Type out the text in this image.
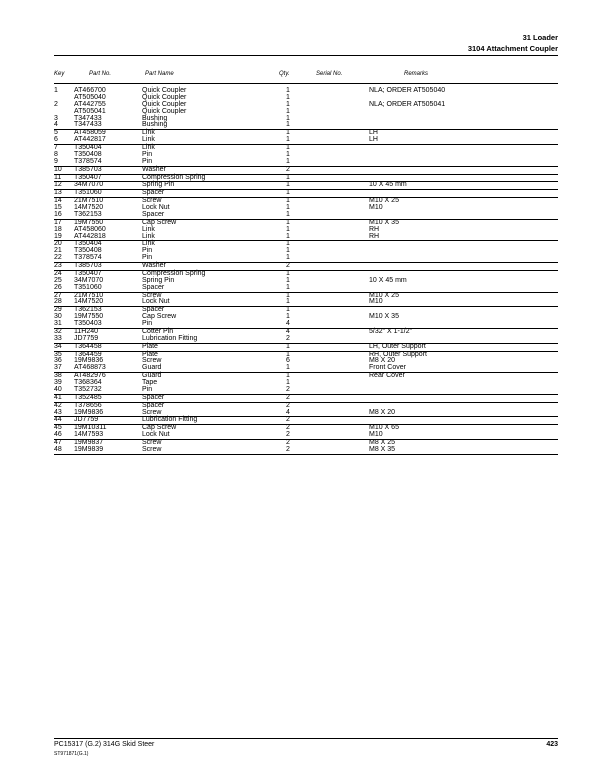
31 Loader
3104 Attachment Coupler
Key	Part No.	Part Name	Qty.	Serial No.	Remarks
1 AT466700	Quick Coupler	1	NLA; ORDER AT505040
AT505040	Quick Coupler	1
2 AT442755	Quick Coupler	1	NLA; ORDER AT505041
AT505041	Quick Coupler	1
3 T347433	Bushing	1
4 T347433	Bushing	1
5 AT458059	Link	1	LH
6 AT442817	Link	1	LH
7 T350404	Link	1
8 T350408	Pin	1
9 T378574	Pin	1
10 T385703	Washer	2
11 T350407	Compression Spring	1
12 34M7070	Spring Pin	1	10 X 45 mm
13 T351060	Spacer	1
14 21M7510	Screw	1	M10 X 25
15 14M7520	Lock Nut	1	M10
16 T362153	Spacer	1
17 19M7550	Cap Screw	1	M10 X 35
18 AT458060	Link	1	RH
19 AT442818	Link	1	RH
20 T350404	Link	1
21 T350408	Pin	1
22 T378574	Pin	1
23 T385703	Washer	2
24 T350407	Compression Spring	1
25 34M7070	Spring Pin	1	10 X 45 mm
26 T351060	Spacer	1
27 21M7510	Screw	1	M10 X 25
28 14M7520	Lock Nut	1	M10
29 T362153	Spacer	1
30 19M7550	Cap Screw	1	M10 X 35
31 T350403	Pin	4
32 11H240	Cotter Pin	4	5/32" X 1-1/2"
33 JD7759	Lubrication Fitting	2
34 T364458	Plate	1	LH, Outer Support
35 T364459	Plate	1	RH, Outer Support
36 19M9836	Screw	6	M8 X 20
37 AT468873	Guard	1	Front Cover
38 AT482976	Guard	1	Rear Cover
39 T368364	Tape	1
40 T352732	Pin	2
41 T352485	Spacer	2
42 T378656	Spacer	2
43 19M9836	Screw	4	M8 X 20
44 JD7759	Lubrication Fitting	2
45 19M10311	Cap Screw	2	M10 X 65
46 14M7593	Lock Nut	2	M10
47 19M9837	Screw	2	M8 X 25
48 19M9839	Screw	2	M8 X 35
PC15317 (G.2) 314G Skid Steer	423
ST971871(G.1)
